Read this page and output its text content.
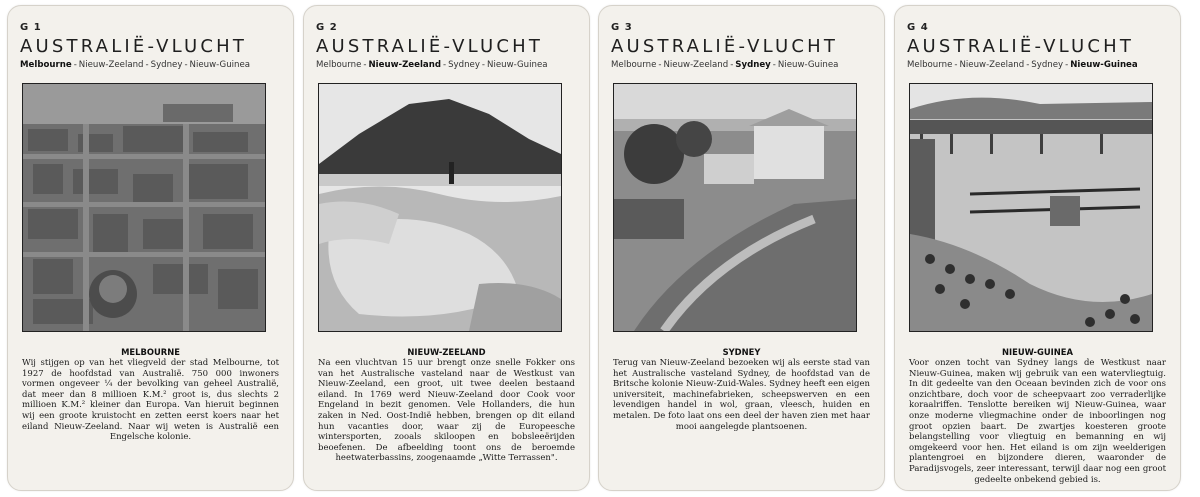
G 1
AUSTRALIË-VLUCHT
Melbourne - Nieuw-Zeeland - Sydney - Nieuw-Guinea
MELBOURNE
Wij stijgen op van het vliegveld der stad Melbourne, tot 1927 de hoofdstad van Australië. 750 000 inwoners vormen ongeveer ¼ der bevolking van geheel Australië, dat meer dan 8 millioen K.M.² groot is, dus slechts 2 millioen K.M.² kleiner dan Europa. Van hieruit beginnen wij een groote kruistocht en zetten eerst koers naar het eiland Nieuw-Zeeland. Naar wij weten is Australië een Engelsche kolonie.
G 2
AUSTRALIË-VLUCHT
Melbourne - Nieuw-Zeeland - Sydney - Nieuw-Guinea
NIEUW-ZEELAND
Na een vluchtvan 15 uur brengt onze snelle Fokker ons van het Australische vasteland naar de Westkust van Nieuw-Zeeland, een groot, uit twee deelen bestaand eiland. In 1769 werd Nieuw-Zeeland door Cook voor Engeland in bezit genomen. Vele Hollanders, die hun zaken in Ned. Oost-Indië hebben, brengen op dit eiland hun vacanties door, waar zij de Europeesche wintersporten, zooals skiloopen en bobsleeërijden beoefenen. De afbeelding toont ons de beroemde heetwaterbassins, zoogenaamde „Witte Terrassen".
G 3
AUSTRALIË-VLUCHT
Melbourne - Nieuw-Zeeland - Sydney - Nieuw-Guinea
SYDNEY
Terug van Nieuw-Zeeland bezoeken wij als eerste stad van het Australische vasteland Sydney, de hoofdstad van de Britsche kolonie Nieuw-Zuid-Wales. Sydney heeft een eigen universiteit, machinefabrieken, scheepswerven en een levendigen handel in wol, graan, vleesch, huiden en metalen. De foto laat ons een deel der haven zien met haar mooi aangelegde plantsoenen.
G 4
AUSTRALIË-VLUCHT
Melbourne - Nieuw-Zeeland - Sydney - Nieuw-Guinea
NIEUW-GUINEA
Voor onzen tocht van Sydney langs de Westkust naar Nieuw-Guinea, maken wij gebruik van een watervliegtuig. In dit gedeelte van den Oceaan bevinden zich de voor ons onzichtbare, doch voor de scheepvaart zoo verraderlijke koraalriffen. Tenslotte bereiken wij Nieuw-Guinea, waar onze moderne vliegmachine onder de inboorlingen nog groot opzien baart. De zwartjes koesteren groote belangstelling voor vliegtuig en bemanning en wij omgekeerd voor hen. Het eiland is om zijn weelderigen plantengroei en bijzondere dieren, waaronder de Paradijsvogels, zeer interessant, terwijl daar nog een groot gedeelte onbekend gebied is.
